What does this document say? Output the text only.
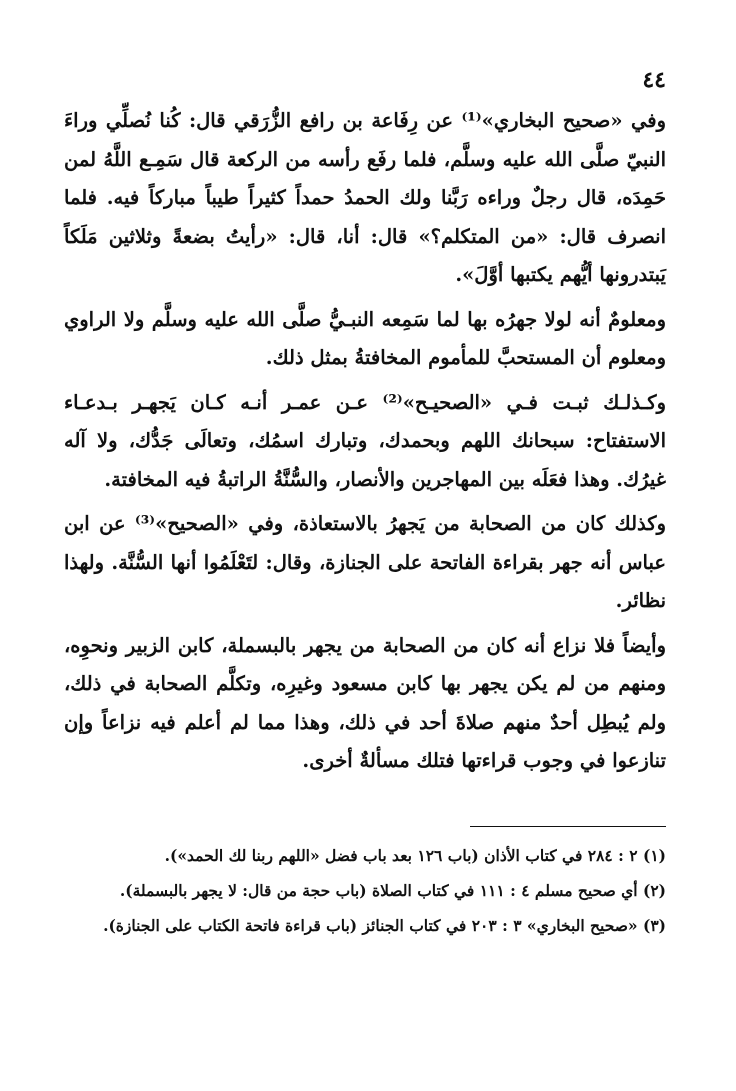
٤٤

وفي «صحيح البخاري»⁽¹⁾ عن رِفَاعة بن رافع الزُّرَقي قال: كُنا نُصلِّي وراءَ النبيّ صلَّى الله عليه وسلَّم، فلما رفَع رأسه من الركعة قال سَمِـع اللَّهُ لمن حَمِدَه، قال رجلٌ وراءه رَبَّنا ولك الحمدُ حمداً كثيراً طيباً مباركاً فيه. فلما انصرف قال: «من المتكلم؟» قال: أنا، قال: «رأيتُ بضعةً وثلاثين مَلَكاً يَبتدرونها أيُّهم يكتبها أوَّلَ».

ومعلومٌ أنه لولا جهرُه بها لما سَمِعه النبـيُّ صلَّى الله عليه وسلَّم ولا الراوي ومعلوم أن المستحبَّ للمأموم المخافتةُ بمثل ذلك.

وكـذلـك ثبـت فـي «الصحيـح»⁽²⁾ عـن عمـر أنـه كـان يَجهـر بـدعـاء الاستفتاح: سبحانك اللهم وبحمدك، وتبارك اسمُك، وتعالَى جَدُّك، ولا آله غيرُك. وهذا فعَلَه بين المهاجرين والأنصار، والسُّنَّةُ الراتبةُ فيه المخافتة.

وكذلك كان من الصحابة من يَجهرُ بالاستعاذة، وفي «الصحيح»⁽³⁾ عن ابن عباس أنه جهر بقراءة الفاتحة على الجنازة، وقال: لتَعْلَمُوا أنها السُّنَّة. ولهذا نظائر.

وأيضاً فلا نزاع أنه كان من الصحابة من يجهر بالبسملة، كابن الزبير ونحوِه، ومنهم من لم يكن يجهر بها كابن مسعود وغيرِه، وتكلَّم الصحابة في ذلك، ولم يُبطِل أحدٌ منهم صلاةَ أحد في ذلك، وهذا مما لم أعلم فيه نزاعاً وإن تنازعوا في وجوب قراءتها فتلك مسألةٌ أخرى.

(١) ٢ : ٢٨٤ في كتاب الأذان (باب ١٢٦ بعد باب فضل «اللهم ربنا لك الحمد»).

(٢) أي صحيح مسلم ٤ : ١١١ في كتاب الصلاة (باب حجة من قال: لا يجهر بالبسملة).

(٣) «صحيح البخاري» ٣ : ٢٠٣ في كتاب الجنائز (باب قراءة فاتحة الكتاب على الجنازة).
